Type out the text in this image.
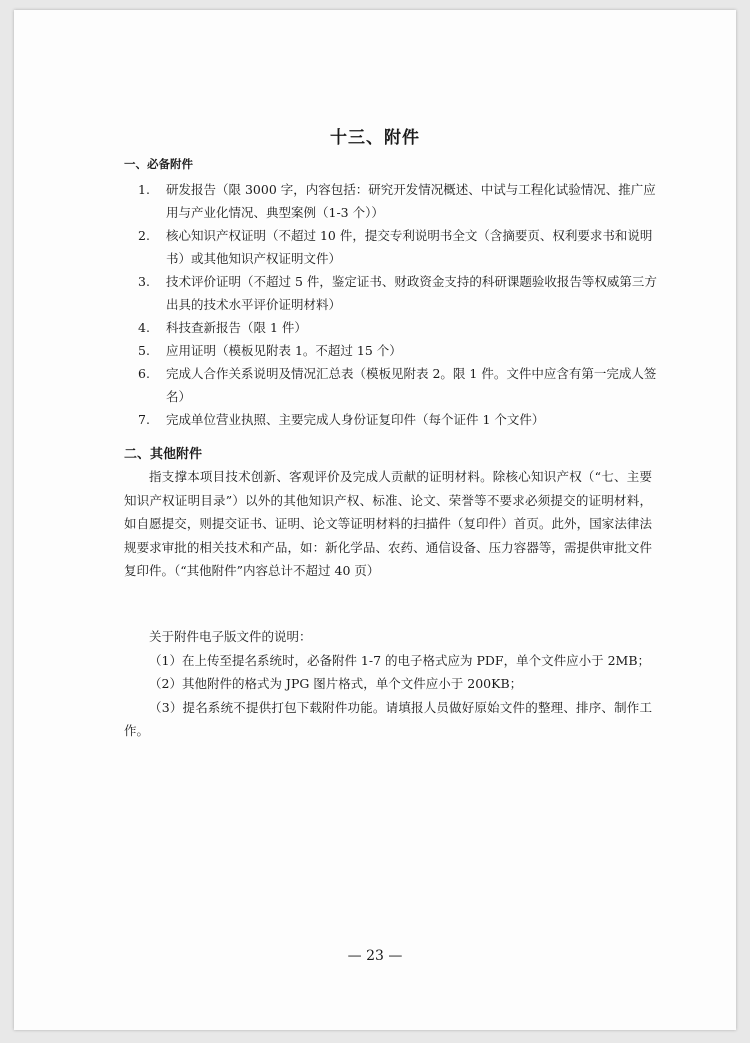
十三、附件
一、必备附件
1. 研发报告（限 3000 字，内容包括：研究开发情况概述、中试与工程化试验情况、推广应用与产业化情况、典型案例（1-3 个））
2. 核心知识产权证明（不超过 10 件，提交专利说明书全文（含摘要页、权利要求书和说明书）或其他知识产权证明文件）
3. 技术评价证明（不超过 5 件，鉴定证书、财政资金支持的科研课题验收报告等权威第三方出具的技术水平评价证明材料）
4. 科技查新报告（限 1 件）
5. 应用证明（模板见附表 1。不超过 15 个）
6. 完成人合作关系说明及情况汇总表（模板见附表 2。限 1 件。文件中应含有第一完成人签名）
7. 完成单位营业执照、主要完成人身份证复印件（每个证件 1 个文件）
二、其他附件

指支撑本项目技术创新、客观评价及完成人贡献的证明材料。除核心知识产权（“七、主要知识产权证明目录”）以外的其他知识产权、标准、论文、荣誉等不要求必须提交的证明材料，如自愿提交，则提交证书、证明、论文等证明材料的扫描件（复印件）首页。此外，国家法律法规要求审批的相关技术和产品，如：新化学品、农药、通信设备、压力容器等，需提供审批文件复印件。（“其他附件”内容总计不超过 40 页）

关于附件电子版文件的说明：

（1）在上传至提名系统时，必备附件 1-7 的电子格式应为 PDF，单个文件应小于 2MB；

（2）其他附件的格式为 JPG 图片格式，单个文件应小于 200KB；

（3）提名系统不提供打包下载附件功能。请填报人员做好原始文件的整理、排序、制作工作。

— 23 —
